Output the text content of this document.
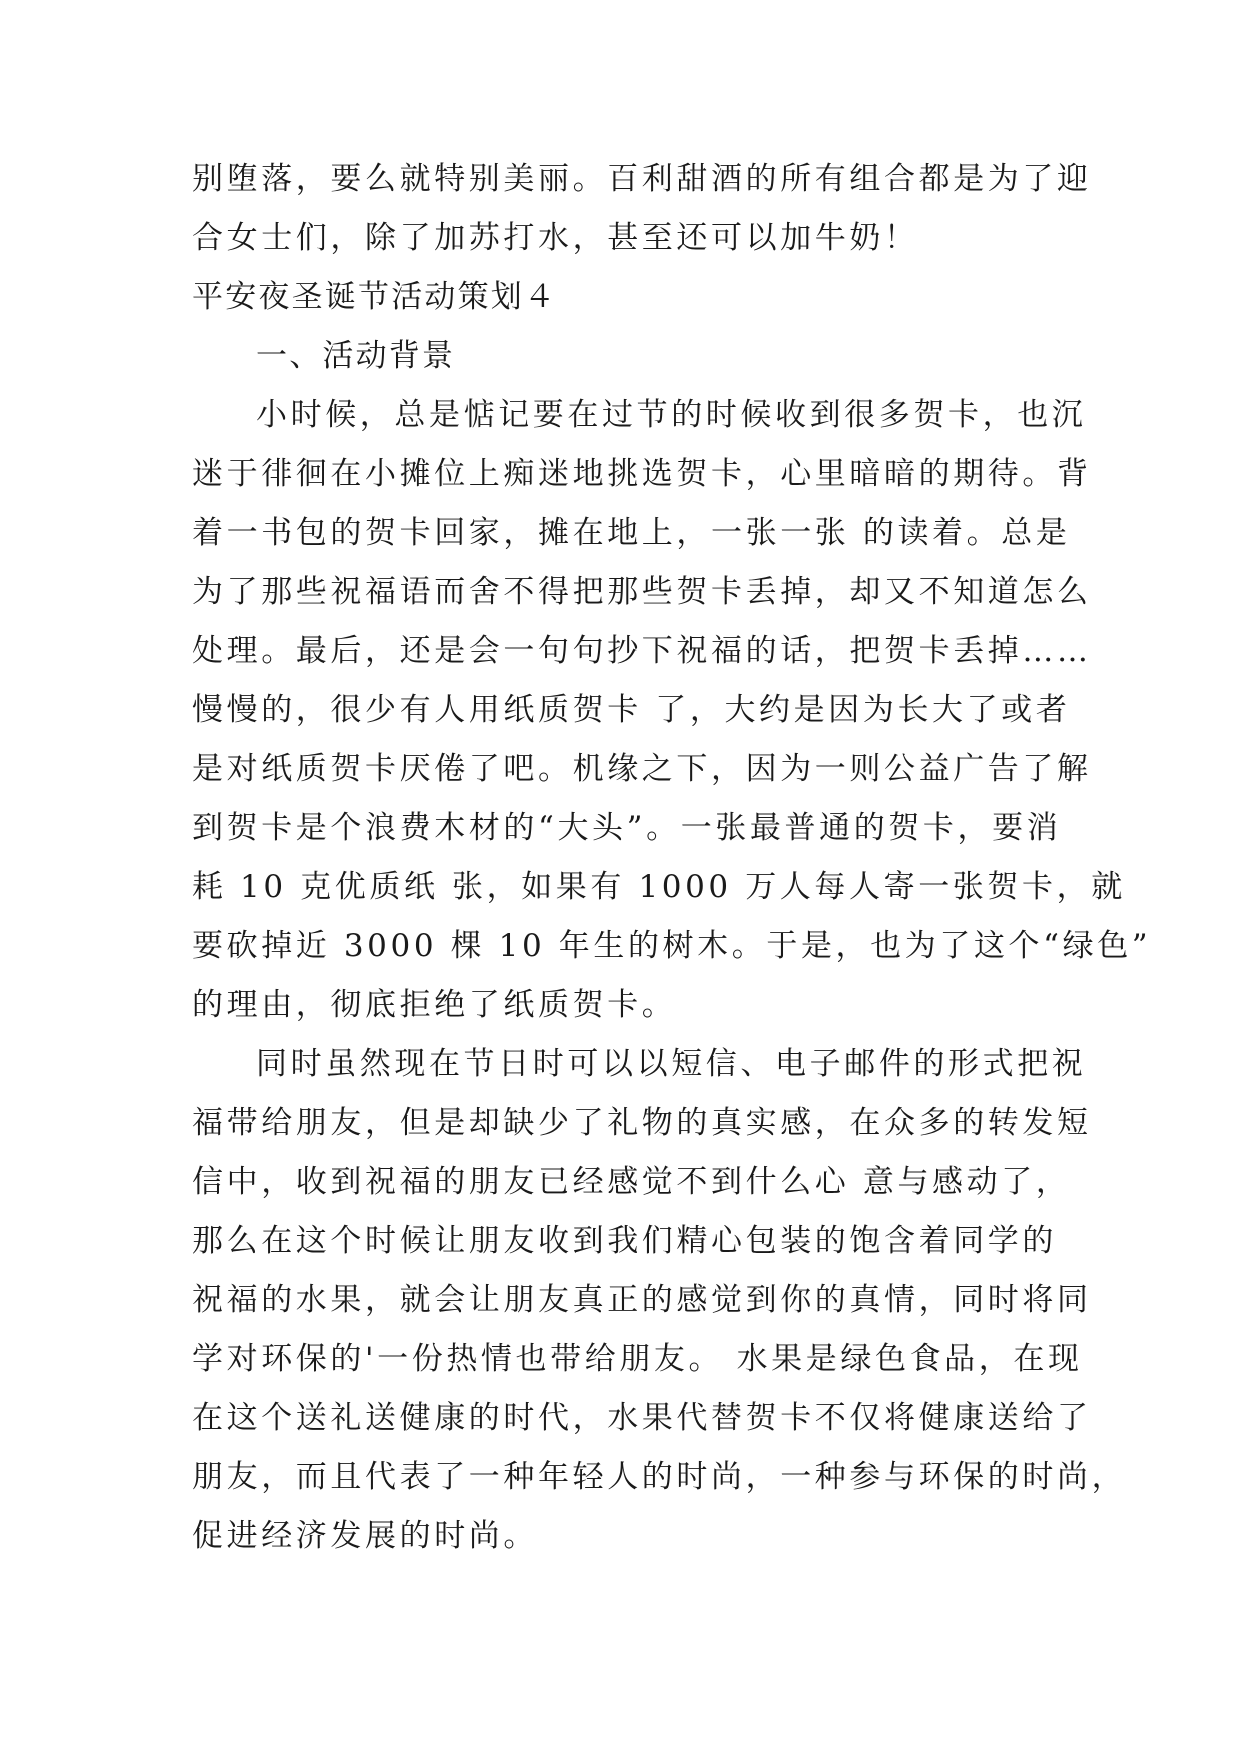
别堕落，要么就特别美丽。百利甜酒的所有组合都是为了迎
合女士们，除了加苏打水，甚至还可以加牛奶！
平安夜圣诞节活动策划４
一、活动背景
小时候，总是惦记要在过节的时候收到很多贺卡，也沉
迷于徘徊在小摊位上痴迷地挑选贺卡，心里暗暗的期待。背
着一书包的贺卡回家，摊在地上，一张一张 的读着。总是
为了那些祝福语而舍不得把那些贺卡丢掉，却又不知道怎么
处理。最后，还是会一句句抄下祝福的话，把贺卡丢掉……
慢慢的，很少有人用纸质贺卡 了，大约是因为长大了或者
是对纸质贺卡厌倦了吧。机缘之下，因为一则公益广告了解
到贺卡是个浪费木材的“大头”。一张最普通的贺卡，要消
耗 10 克优质纸 张，如果有 1000 万人每人寄一张贺卡，就
要砍掉近 3000 棵 10 年生的树木。于是，也为了这个“绿色”
的理由，彻底拒绝了纸质贺卡。
同时虽然现在节日时可以以短信、电子邮件的形式把祝
福带给朋友，但是却缺少了礼物的真实感，在众多的转发短
信中，收到祝福的朋友已经感觉不到什么心 意与感动了，
那么在这个时候让朋友收到我们精心包装的饱含着同学的
祝福的水果，就会让朋友真正的感觉到你的真情，同时将同
学对环保的'一份热情也带给朋友。 水果是绿色食品，在现
在这个送礼送健康的时代，水果代替贺卡不仅将健康送给了
朋友，而且代表了一种年轻人的时尚，一种参与环保的时尚，
促进经济发展的时尚。
